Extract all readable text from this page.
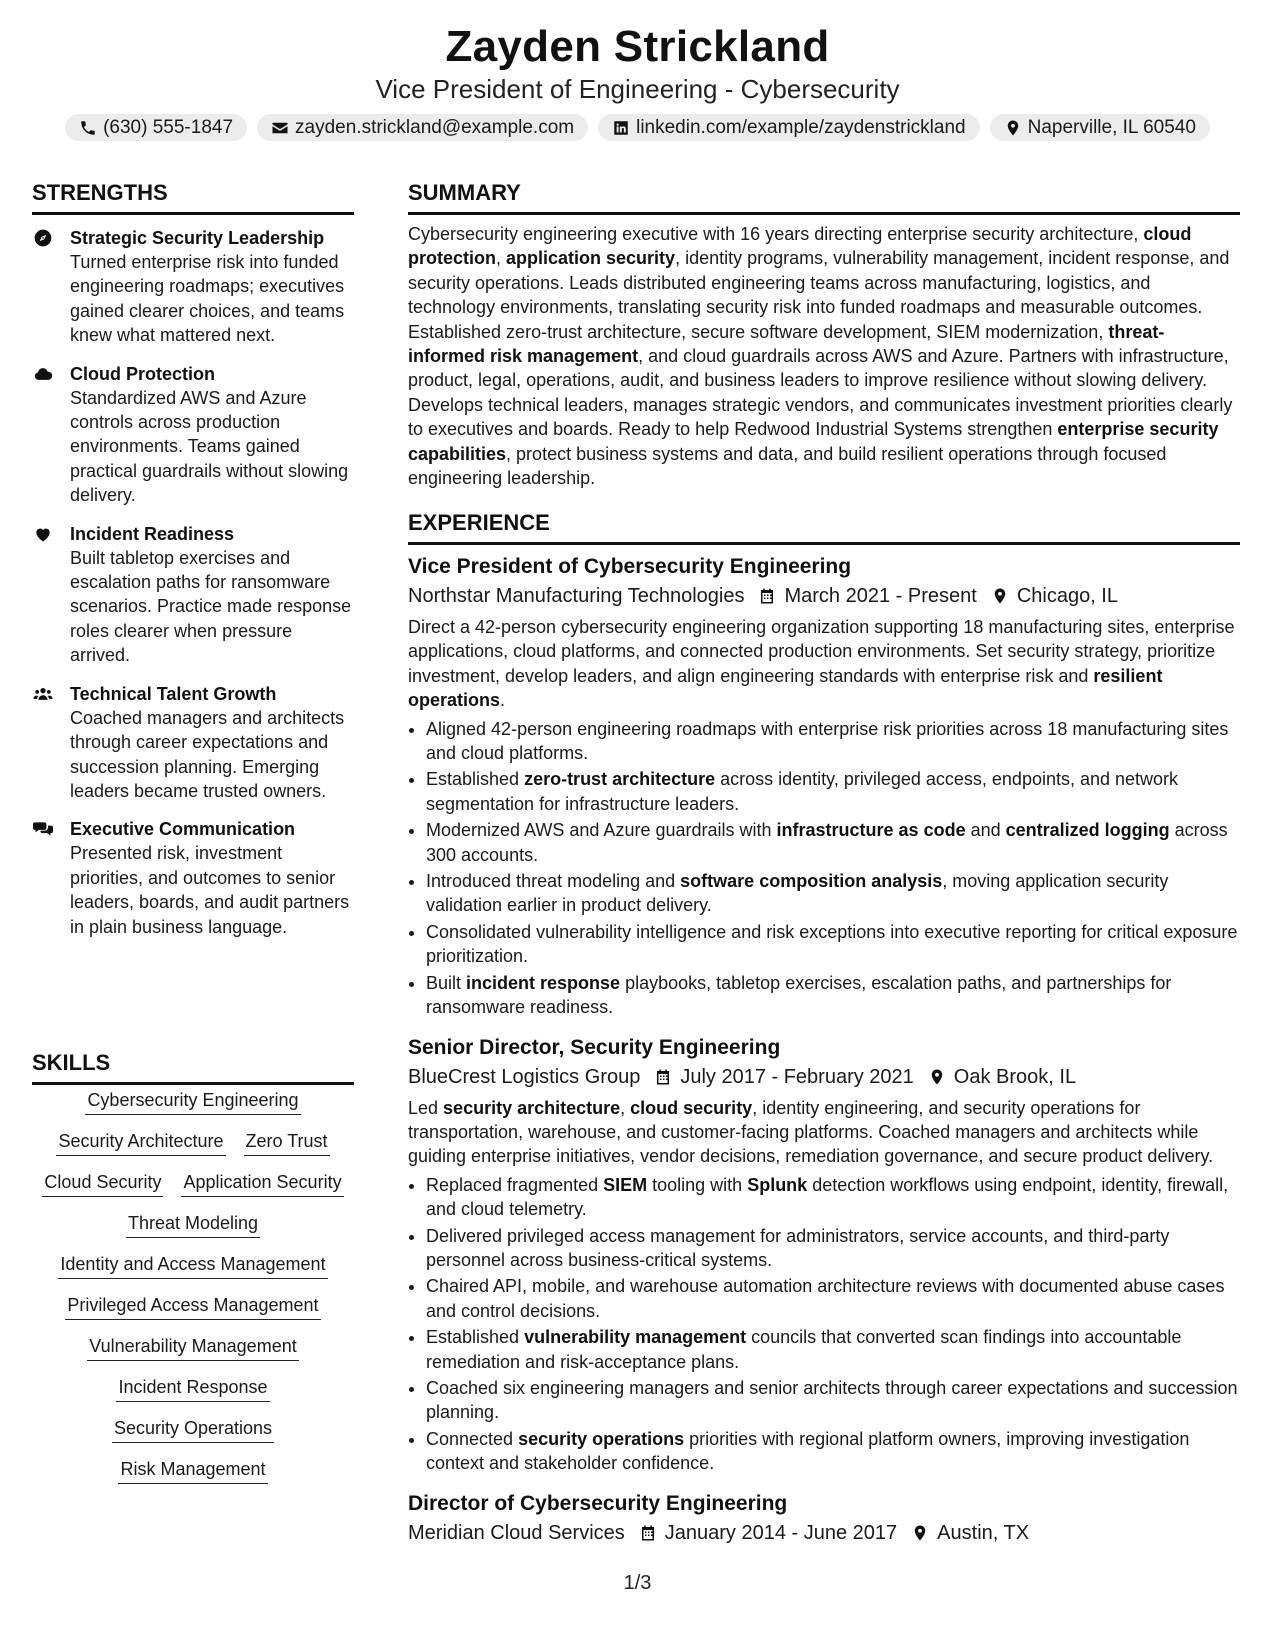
Zayden Strickland
Vice President of Engineering - Cybersecurity
(630) 555-1847	zayden.strickland@example.com	linkedin.com/example/zaydenstrickland	Naperville, IL 60540
STRENGTHS
Strategic Security Leadership
Turned enterprise risk into funded engineering roadmaps; executives gained clearer choices, and teams knew what mattered next.
Cloud Protection
Standardized AWS and Azure controls across production environments. Teams gained practical guardrails without slowing delivery.
Incident Readiness
Built tabletop exercises and escalation paths for ransomware scenarios. Practice made response roles clearer when pressure arrived.
Technical Talent Growth
Coached managers and architects through career expectations and succession planning. Emerging leaders became trusted owners.
Executive Communication
Presented risk, investment priorities, and outcomes to senior leaders, boards, and audit partners in plain business language.
SKILLS
Cybersecurity Engineering
Security Architecture Zero Trust
Cloud Security Application Security
Threat Modeling
Identity and Access Management
Privileged Access Management
Vulnerability Management
Incident Response
Security Operations
Risk Management
SUMMARY

Cybersecurity engineering executive with 16 years directing enterprise security architecture, cloud protection, application security, identity programs, vulnerability management, incident response, and security operations. Leads distributed engineering teams across manufacturing, logistics, and technology environments, translating security risk into funded roadmaps and measurable outcomes. Established zero-trust architecture, secure software development, SIEM modernization, threat-informed risk management, and cloud guardrails across AWS and Azure. Partners with infrastructure, product, legal, operations, audit, and business leaders to improve resilience without slowing delivery. Develops technical leaders, manages strategic vendors, and communicates investment priorities clearly to executives and boards. Ready to help Redwood Industrial Systems strengthen enterprise security capabilities, protect business systems and data, and build resilient operations through focused engineering leadership.

EXPERIENCE
Vice President of Cybersecurity Engineering
Northstar Manufacturing Technologies March 2021 - Present Chicago, IL

Direct a 42-person cybersecurity engineering organization supporting 18 manufacturing sites, enterprise applications, cloud platforms, and connected production environments. Set security strategy, prioritize investment, develop leaders, and align engineering standards with enterprise risk and resilient operations.

• Aligned 42-person engineering roadmaps with enterprise risk priorities across 18 manufacturing sites and cloud platforms.
• Established zero-trust architecture across identity, privileged access, endpoints, and network segmentation for infrastructure leaders.
• Modernized AWS and Azure guardrails with infrastructure as code and centralized logging across 300 accounts.
• Introduced threat modeling and software composition analysis, moving application security validation earlier in product delivery.
• Consolidated vulnerability intelligence and risk exceptions into executive reporting for critical exposure prioritization.
• Built incident response playbooks, tabletop exercises, escalation paths, and partnerships for ransomware readiness.
Senior Director, Security Engineering
BlueCrest Logistics Group July 2017 - February 2021 Oak Brook, IL

Led security architecture, cloud security, identity engineering, and security operations for transportation, warehouse, and customer-facing platforms. Coached managers and architects while guiding enterprise initiatives, vendor decisions, remediation governance, and secure product delivery.

• Replaced fragmented SIEM tooling with Splunk detection workflows using endpoint, identity, firewall, and cloud telemetry.
• Delivered privileged access management for administrators, service accounts, and third-party personnel across business-critical systems.
• Chaired API, mobile, and warehouse automation architecture reviews with documented abuse cases and control decisions.
• Established vulnerability management councils that converted scan findings into accountable remediation and risk-acceptance plans.
• Coached six engineering managers and senior architects through career expectations and succession planning.
• Connected security operations priorities with regional platform owners, improving investigation context and stakeholder confidence.
Director of Cybersecurity Engineering
Meridian Cloud Services January 2014 - June 2017 Austin, TX
1/3
